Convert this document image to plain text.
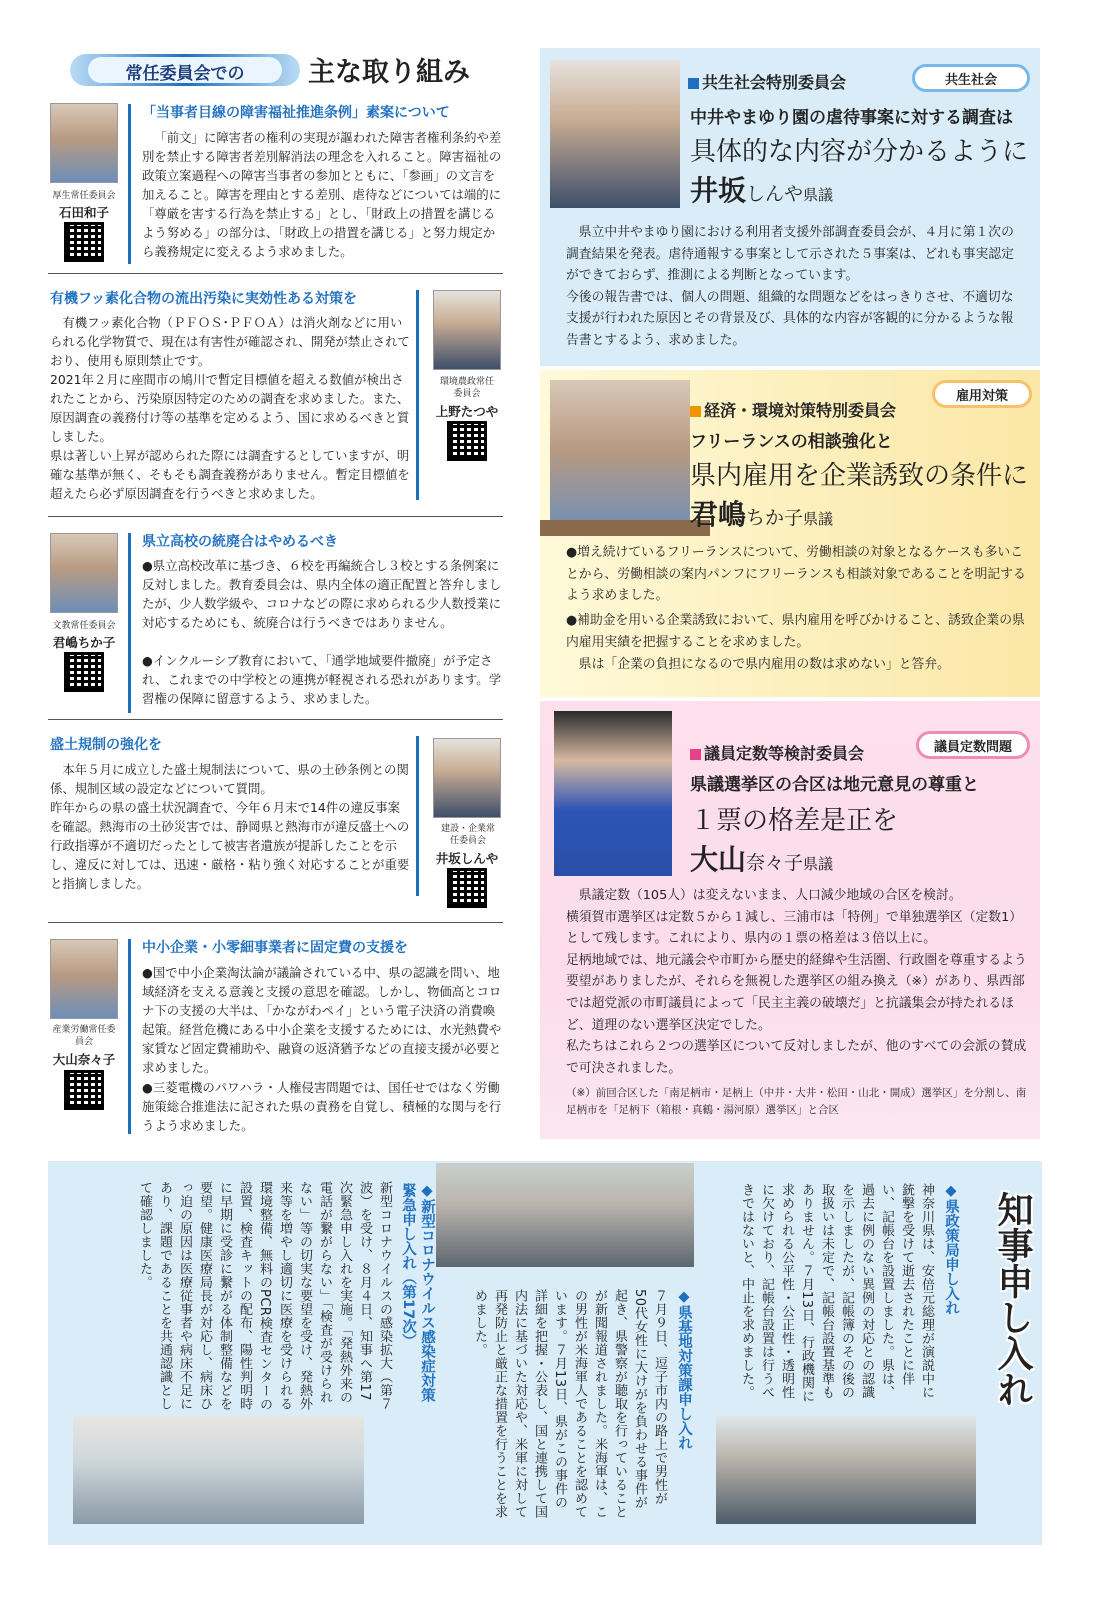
常任委員会での	主な取り組み
厚生常任委員会
石田和子
「当事者目線の障害福祉推進条例」素案について
「前文」に障害者の権利の実現が謳われた障害者権利条約や差別を禁止する障害者差別解消法の理念を入れること。障害福祉の政策立案過程への障害当事者の参加とともに、「参画」の文言を加えること。障害を理由とする差別、虐待などについては端的に「尊厳を害する行為を禁止する」とし、「財政上の措置を講じるよう努める」の部分は、「財政上の措置を講じる」と努力規定から義務規定に変えるよう求めました。
有機フッ素化合物の流出汚染に実効性ある対策を
有機フッ素化合物（ＰＦＯＳ･ＰＦＯＡ）は消火剤などに用いられる化学物質で、現在は有害性が確認され、開発が禁止されており、使用も原則禁止です。
2021年２月に座間市の鳩川で暫定目標値を超える数値が検出されたことから、汚染原因特定のための調査を求めました。また、原因調査の義務付け等の基準を定めるよう、国に求めるべきと質しました。
県は著しい上昇が認められた際には調査するとしていますが、明確な基準が無く、そもそも調査義務がありません。暫定目標値を超えたら必ず原因調査を行うべきと求めました。
環境農政常任委員会
上野たつや
文教常任委員会
君嶋ちか子
県立高校の統廃合はやめるべき
●県立高校改革に基づき、６校を再編統合し３校とする条例案に反対しました。教育委員会は、県内全体の適正配置と答弁しましたが、少人数学級や、コロナなどの際に求められる少人数授業に対応するためにも、統廃合は行うべきではありません。
●インクルーシブ教育において、「通学地域要件撤廃」が予定され、これまでの中学校との連携が軽視される恐れがあります。学習権の保障に留意するよう、求めました。
盛土規制の強化を
本年５月に成立した盛土規制法について、県の土砂条例との関係、規制区域の設定などについて質問。
昨年からの県の盛土状況調査で、今年６月末で14件の違反事案を確認。熱海市の土砂災害では、静岡県と熱海市が違反盛土への行政指導が不適切だったとして被害者遺族が提訴したことを示し、違反に対しては、迅速・厳格・粘り強く対応することが重要と指摘しました。
建設・企業常任委員会
井坂しんや
産業労働常任委員会
大山奈々子
中小企業・小零細事業者に固定費の支援を
●国で中小企業淘汰論が議論されている中、県の認識を問い、地域経済を支える意義と支援の意思を確認。しかし、物価高とコロナ下の支援の大半は、「かながわペイ」という電子決済の消費喚起策。経営危機にある中小企業を支援するためには、水光熱費や家賃など固定費補助や、融資の返済猶予などの直接支援が必要と求めました。
●三菱電機のパワハラ・人権侵害問題では、国任せではなく労働施策総合推進法に記された県の責務を自覚し、積極的な関与を行うよう求めました。
共生社会特別委員会	共生社会
中井やまゆり園の虐待事案に対する調査は
具体的な内容が分かるように
井坂しんや県議
県立中井やまゆり園における利用者支援外部調査委員会が、４月に第１次の調査結果を発表。虐待通報する事案として示された５事案は、どれも事実認定ができておらず、推測による判断となっています。
今後の報告書では、個人の問題、組織的な問題などをはっきりさせ、不適切な支援が行われた原因とその背景及び、具体的な内容が客観的に分かるような報告書とするよう、求めました。
経済・環境対策特別委員会
雇用対策
フリーランスの相談強化と
県内雇用を企業誘致の条件に
君嶋ちか子県議
●増え続けているフリーランスについて、労働相談の対象となるケースも多いことから、労働相談の案内パンフにフリーランスも相談対象であることを明記するよう求めました。
●補助金を用いる企業誘致において、県内雇用を呼びかけること、誘致企業の県内雇用実績を把握することを求めました。
県は「企業の負担になるので県内雇用の数は求めない」と答弁。
議員定数等検討委員会	議員定数問題
県議選挙区の合区は地元意見の尊重と
１票の格差是正を
大山奈々子県議
県議定数（105人）は変えないまま、人口減少地域の合区を検討。
横須賀市選挙区は定数５から１減し、三浦市は「特例」で単独選挙区（定数1）として残します。これにより、県内の１票の格差は３倍以上に。
足柄地域では、地元議会や市町から歴史的経緯や生活圏、行政圏を尊重するよう要望がありましたが、それらを無視した選挙区の組み換え（※）があり、県西部では超党派の市町議員によって「民主主義の破壊だ」と抗議集会が持たれるほど、道理のない選挙区決定でした。
私たちはこれら２つの選挙区について反対しましたが、他のすべての会派の賛成で可決されました。
（※）前回合区した「南足柄市・足柄上（中井・大井・松田・山北・開成）選挙区」を分割し、南足柄市を「足柄下（箱根・真鶴・湯河原）選挙区」と合区
◆新型コロナウイルス感染症対策緊急申し入れ（第17次）
新型コロナウイルスの感染拡大（第７波）を受け、８月４日、知事へ第17次緊急申し入れを実施。「発熱外来の電話が繋がらない」「検査が受けられない」等の切実な要望を受け、発熱外来等を増やし適切に医療を受けられる環境整備、無料のPCR検査センターの設置、検査キットの配布、陽性判明時に早期に受診に繋がる体制整備などを要望。健康医療局長が対応し、病床ひっ迫の原因は医療従事者や病床不足にあり、課題であることを共通認識として確認しました。
◆県基地対策課申し入れ
７月９日、逗子市内の路上で男性が50代女性に大けがを負わせる事件が起き、県警察が聴取を行っていることが新聞報道されました。米海軍は、この男性が米海軍人であることを認めています。７月13日、県がこの事件の詳細を把握・公表し、国と連携して国内法に基づいた対応や、米軍に対して再発防止と厳正な措置を行うことを求めました。
◆県政策局申し入れ
神奈川県は、安倍元総理が演説中に銃撃を受けて逝去されたことに伴い、記帳台を設置しました。県は、過去に例のない異例の対応との認識を示しましたが、記帳簿のその後の取扱いは未定で、記帳台設置基準もありません。７月13日、行政機関に求められる公平性・公正性・透明性に欠けており、記帳台設置は行うべきではないと、中止を求めました。	知事申し入れ
